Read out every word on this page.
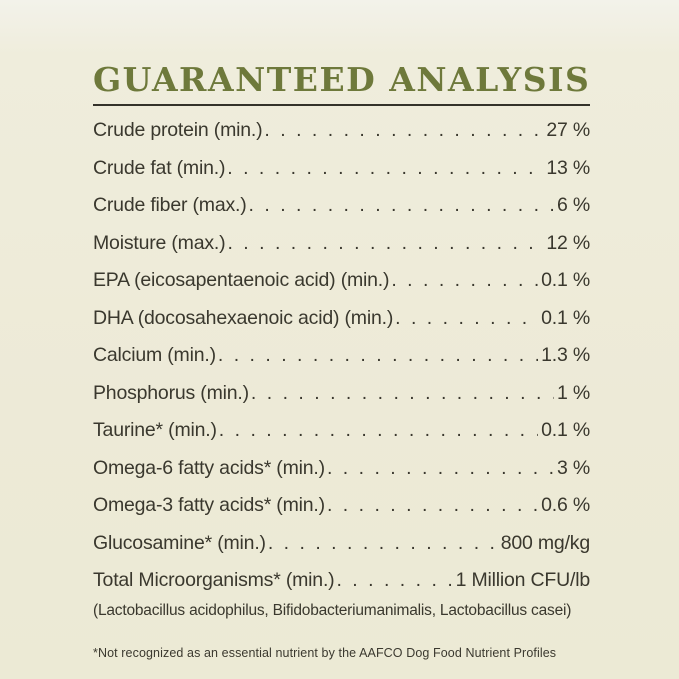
GUARANTEED ANALYSIS
Crude protein (min.) . . .	27 %
Crude fat (min.) . . .	13 %
Crude fiber (max.) . . .	6 %
Moisture (max.) . . .	12 %
EPA (eicosapentaenoic acid) (min.) . . .	0.1 %
DHA (docosahexaenoic acid) (min.) . . .	0.1 %
Calcium (min.) . . .	1.3 %
Phosphorus (min.) . . .	1 %
Taurine* (min.) . . .	0.1 %
Omega-6 fatty acids* (min.) . . .	3 %
Omega-3 fatty acids* (min.) . . .	0.6 %
Glucosamine* (min.) . . .	800 mg/kg
Total Microorganisms* (min.) . . .	1 Million CFU/lb
(Lactobacillus acidophilus, Bifidobacteriumanimalis, Lactobacillus casei)
*Not recognized as an essential nutrient by the AAFCO Dog Food Nutrient Profiles
